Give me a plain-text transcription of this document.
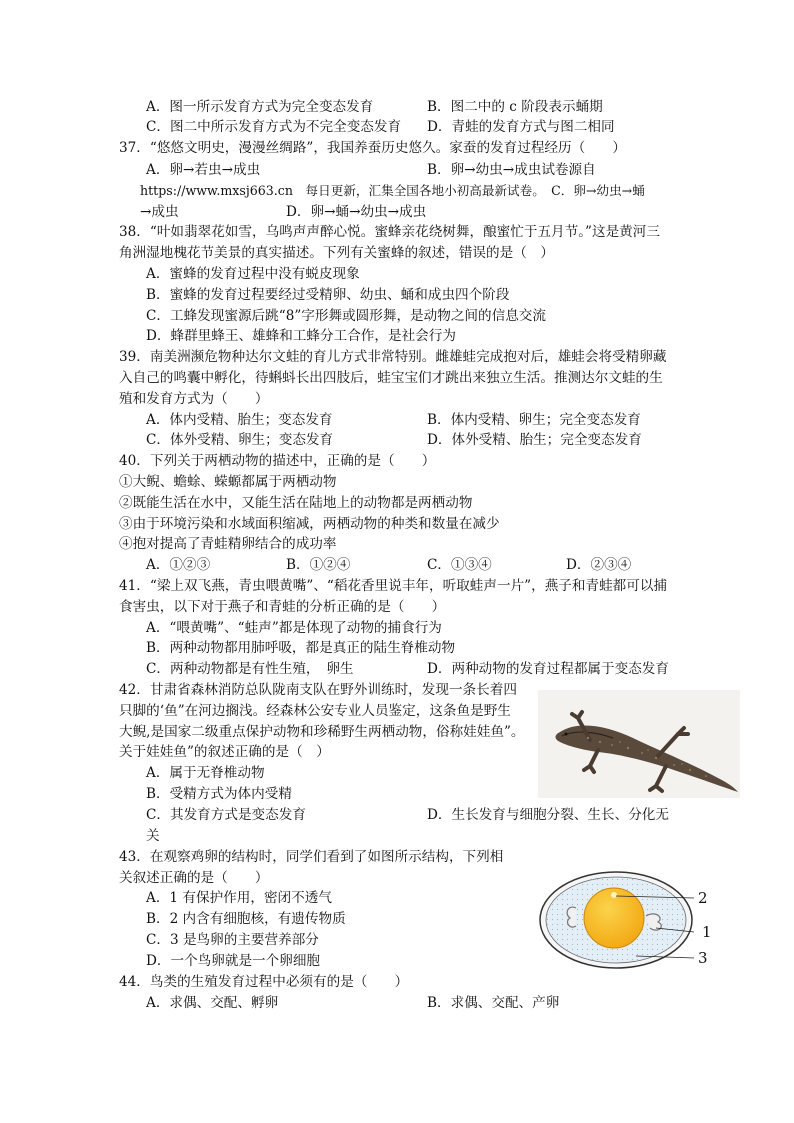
A．图一所示发育方式为完全变态发育	B．图二中的 c 阶段表示蛹期
C．图二中所示发育方式为不完全变态发育 D．青蛙的发育方式与图二相同
37．“悠悠文明史，漫漫丝绸路”，我国养蚕历史悠久。家蚕的发育过程经历（　　）
A．卵→若虫→成虫	B．卵→幼虫→成虫试卷源自
https://www.mxsj663.cn　每日更新，汇集全国各地小初高最新试卷。　C．卵→幼虫→蛹
→成虫	D．卵→蛹→幼虫→成虫
38．“叶如翡翠花如雪，乌鸣声声醉心悦。蜜蜂亲花绕树舞，酿蜜忙于五月节。”这是黄河三
角洲湿地槐花节美景的真实描述。下列有关蜜蜂的叙述，错误的是（　）
A．蜜蜂的发育过程中没有蜕皮现象
B．蜜蜂的发育过程要经过受精卵、幼虫、蛹和成虫四个阶段
C．工蜂发现蜜源后跳“8”字形舞或圆形舞，是动物之间的信息交流
D．蜂群里蜂王、雄蜂和工蜂分工合作，是社会行为
39．南美洲濒危物种达尔文蛙的育儿方式非常特别。雌雄蛙完成抱对后，雄蛙会将受精卵藏
入自己的鸣囊中孵化，待蝌蚪长出四肢后，蛙宝宝们才跳出来独立生活。推测达尔文蛙的生
殖和发育方式为（　　）
A．体内受精、胎生；变态发育	B．体内受精、卵生；完全变态发育
C．体外受精、卵生；变态发育	D．体外受精、胎生；完全变态发育
40．下列关于两栖动物的描述中，正确的是（　　）
①大鲵、蟾蜍、蝾螈都属于两栖动物
②既能生活在水中，又能生活在陆地上的动物都是两栖动物
③由于环境污染和水域面积缩减，两栖动物的种类和数量在减少
④抱对提高了青蛙精卵结合的成功率
A．①②③	B．①②④	C．①③④	D．②③④
41．“梁上双飞燕，青虫喂黄嘴”、“稻花香里说丰年，听取蛙声一片”，燕子和青蛙都可以捕
食害虫，以下对于燕子和青蛙的分析正确的是（　　）
A．“喂黄嘴”、“蛙声”都是体现了动物的捕食行为
B．两种动物都用肺呼吸，都是真正的陆生脊椎动物
C．两种动物都是有性生殖，　卵生	D．两种动物的发育过程都属于变态发育
42．甘肃省森林消防总队陇南支队在野外训练时，发现一条长着四
只脚的‘鱼”在河边搁浅。经森林公安专业人员鉴定，这条鱼是野生
大鲵,是国家二级重点保护动物和珍稀野生两栖动物，俗称娃娃鱼”。
关于娃娃鱼”的叙述正确的是（　）
A．属于无脊椎动物
B．受精方式为体内受精
C．其发育方式是变态发育	D．生长发育与细胞分裂、生长、分化无
关
43．在观察鸡卵的结构时，同学们看到了如图所示结构，下列相
关叙述正确的是（　　）
A．1 有保护作用，密闭不透气
B．2 内含有细胞核，有遗传物质
C．3 是鸟卵的主要营养部分
D．一个鸟卵就是一个卵细胞
2
1
3
44．鸟类的生殖发育过程中必须有的是（　　）
A．求偶、交配、孵卵	B．求偶、交配、产卵
